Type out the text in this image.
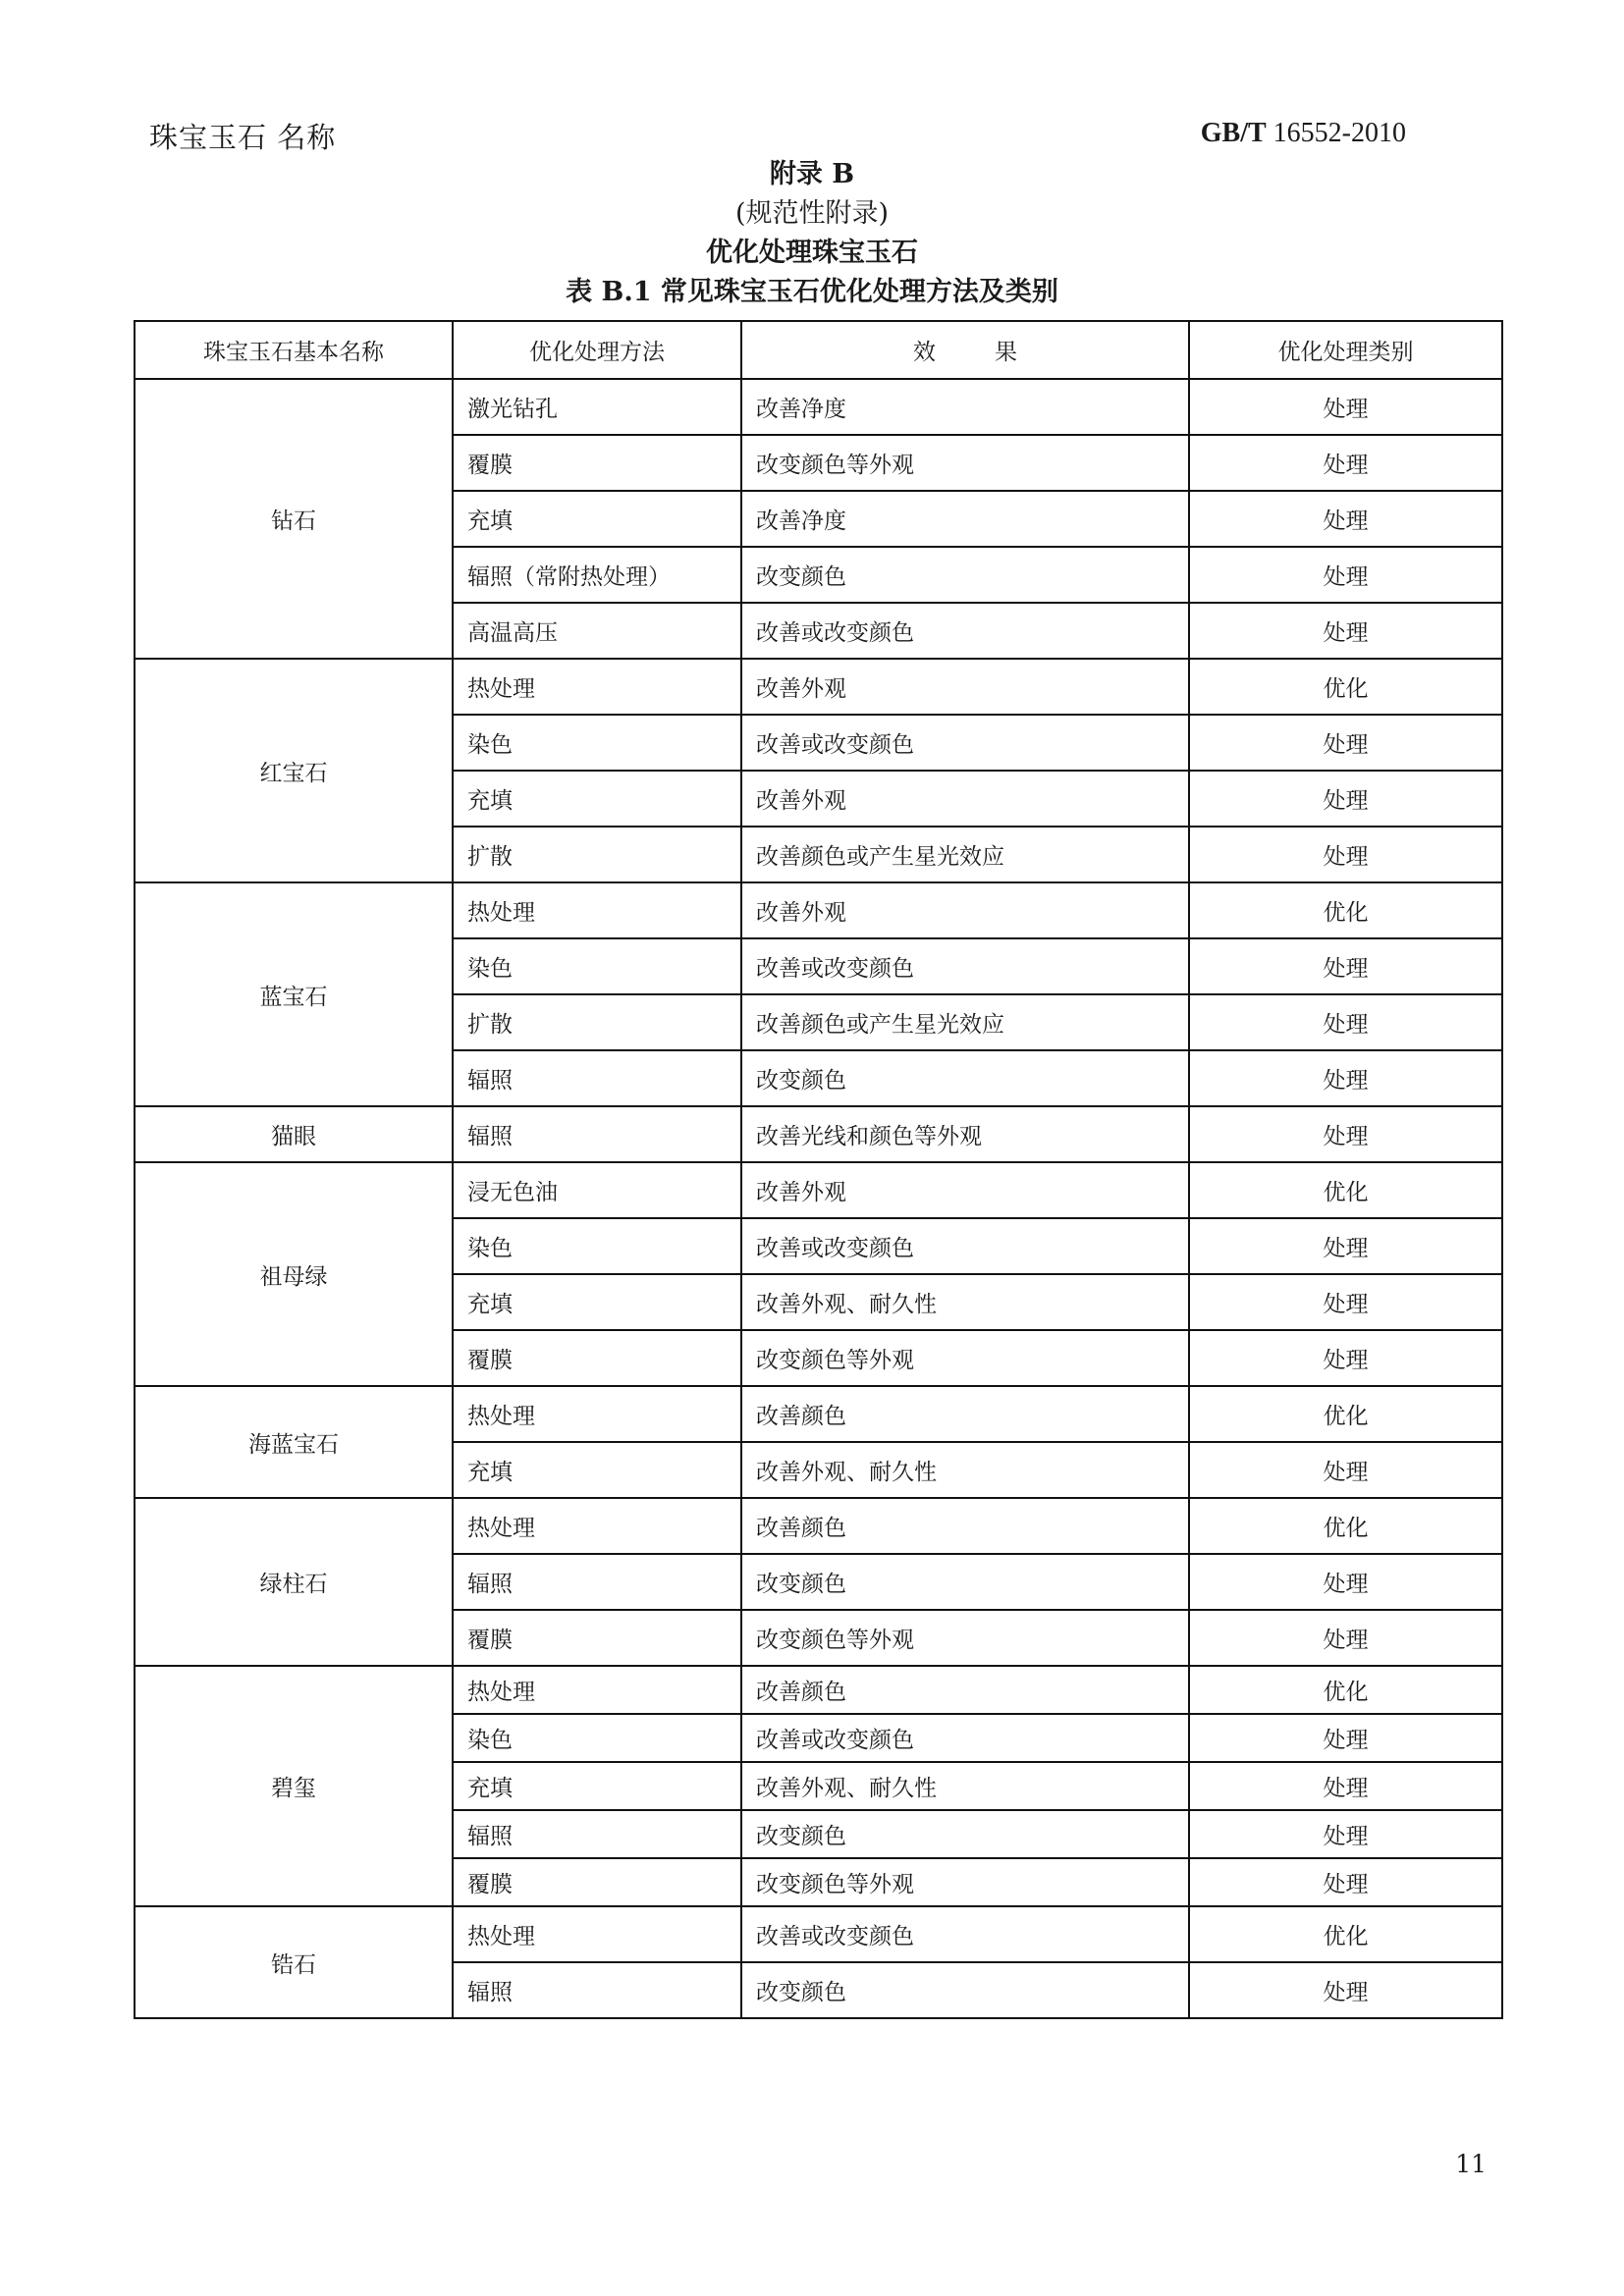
珠宝玉石 名称	GB/T 16552-2010
附录 B
(规范性附录)
优化处理珠宝玉石
表 B.1 常见珠宝玉石优化处理方法及类别
珠宝玉石基本名称	优化处理方法	效果	优化处理类别
钻石	激光钻孔	改善净度	处理
	覆膜	改变颜色等外观	处理
	充填	改善净度	处理
	辐照（常附热处理）	改变颜色	处理
	高温高压	改善或改变颜色	处理
红宝石	热处理	改善外观	优化
	染色	改善或改变颜色	处理
	充填	改善外观	处理
	扩散	改善颜色或产生星光效应	处理
蓝宝石	热处理	改善外观	优化
	染色	改善或改变颜色	处理
	扩散	改善颜色或产生星光效应	处理
	辐照	改变颜色	处理
猫眼	辐照	改善光线和颜色等外观	处理
祖母绿	浸无色油	改善外观	优化
	染色	改善或改变颜色	处理
	充填	改善外观、耐久性	处理
	覆膜	改变颜色等外观	处理
海蓝宝石	热处理	改善颜色	优化
	充填	改善外观、耐久性	处理
绿柱石	热处理	改善颜色	优化
	辐照	改变颜色	处理
	覆膜	改变颜色等外观	处理
碧玺	热处理	改善颜色	优化
	染色	改善或改变颜色	处理
	充填	改善外观、耐久性	处理
	辐照	改变颜色	处理
	覆膜	改变颜色等外观	处理
锆石	热处理	改善或改变颜色	优化
	辐照	改变颜色	处理
11
